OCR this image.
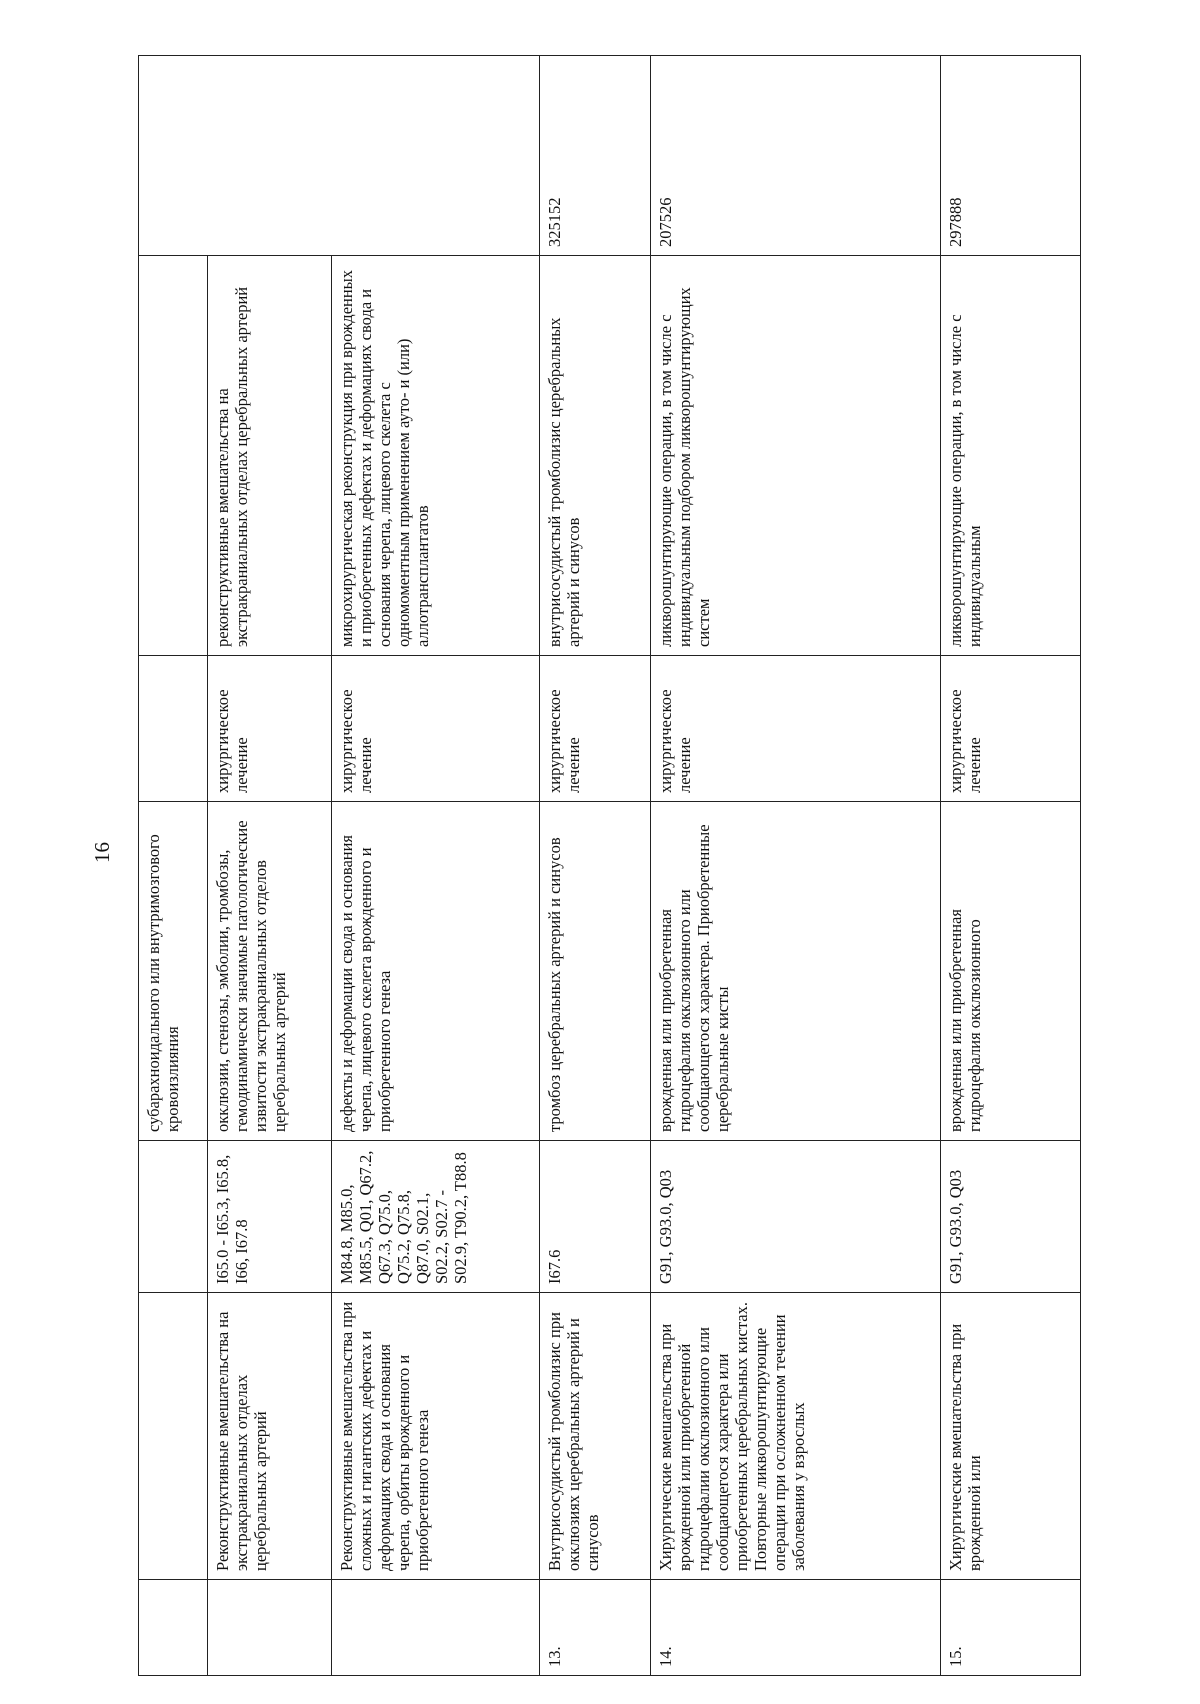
16
			субарахноидального или внутримозгового кровоизлияния			
	Реконструктивные вмешательства на экстракраниальных отделах церебральных артерий	I65.0 - I65.3, I65.8, I66, I67.8	окклюзии, стенозы, эмболии, тромбозы, гемодинамически значимые патологические извитости экстракраниальных отделов церебральных артерий	хирургическое лечение	реконструктивные вмешательства на экстракраниальных отделах церебральных артерий	
	Реконструктивные вмешательства при сложных и гигантских дефектах и деформациях свода и основания черепа, орбиты врожденного и приобретенного генеза	M84.8, M85.0, M85.5, Q01, Q67.2, Q67.3, Q75.0, Q75.2, Q75.8, Q87.0, S02.1, S02.2, S02.7 - S02.9, T90.2, T88.8	дефекты и деформации свода и основания черепа, лицевого скелета врожденного и приобретенного генеза	хирургическое лечение	микрохирургическая реконструкция при врожденных и приобретенных дефектах и деформациях свода и основания черепа, лицевого скелета с одномоментным применением ауто- и (или) аллотрансплантатов	
13.	Внутрисосудистый тромболизис при окклюзиях церебральных артерий и синусов	I67.6	тромбоз церебральных артерий и синусов	хирургическое лечение	внутрисосудистый тромболизис церебральных артерий и синусов	325152
14.	Хирургические вмешательства при врожденной или приобретенной гидроцефалии окклюзионного или сообщающегося характера или приобретенных церебральных кистах. Повторные ликворошунтирующие операции при осложненном течении заболевания у взрослых	G91, G93.0, Q03	врожденная или приобретенная гидроцефалия окклюзионного или сообщающегося характера. Приобретенные церебральные кисты	хирургическое лечение	ликворошунтирующие операции, в том числе с индивидуальным подбором ликворошунтирующих систем	207526
15.	Хирургические вмешательства при врожденной или	G91, G93.0, Q03	врожденная или приобретенная гидроцефалия окклюзионного	хирургическое лечение	ликворошунтирующие операции, в том числе с индивидуальным	297888
